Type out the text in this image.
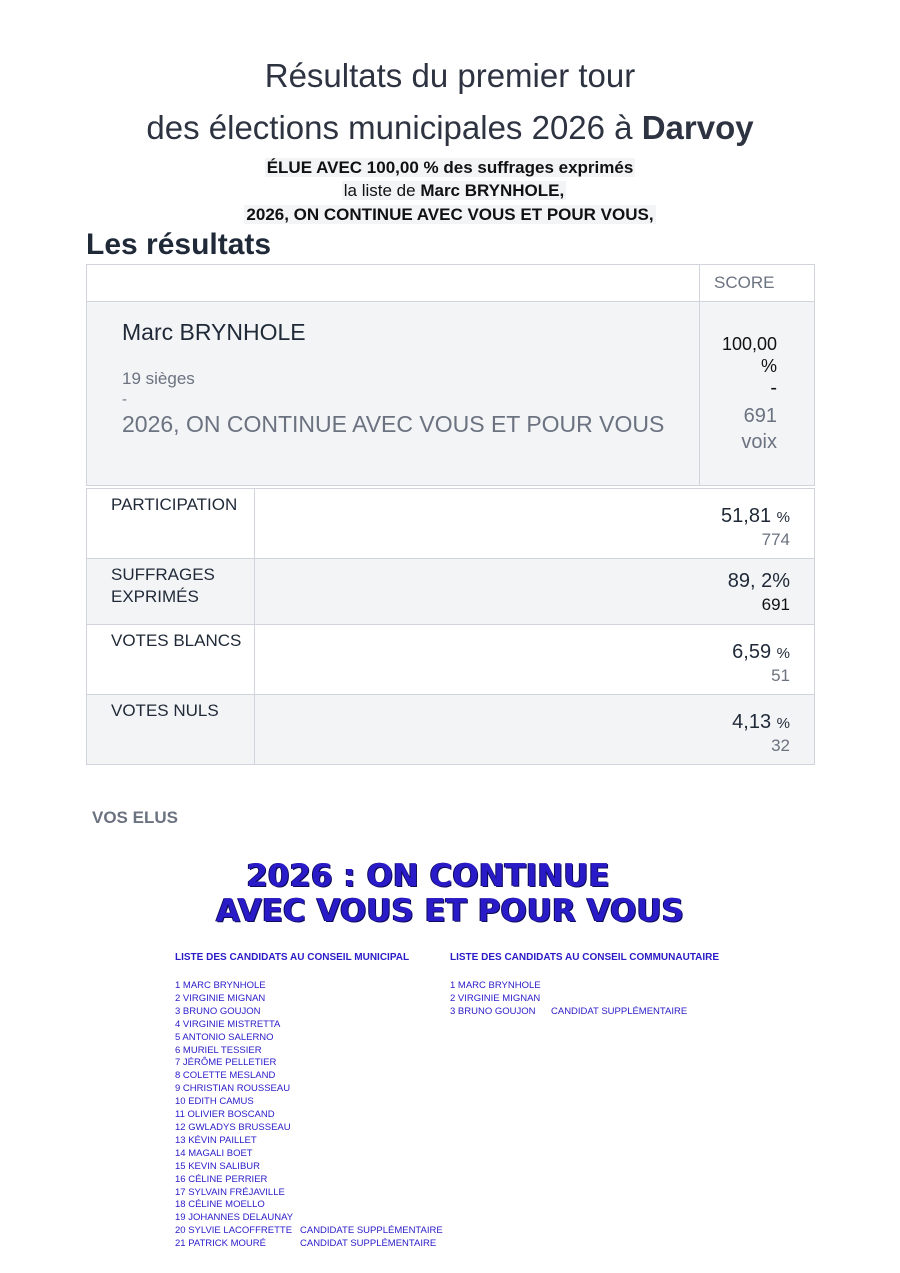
Résultats du premier tour
des élections municipales 2026 à Darvoy
ÉLUE AVEC 100,00 % des suffrages exprimés
la liste de Marc BRYNHOLE,
2026, ON CONTINUE AVEC VOUS ET POUR VOUS,
Les résultats
SCORE
Marc BRYNHOLE
19 sièges
-
2026, ON CONTINUE AVEC VOUS ET POUR VOUS
100,00
%
-
691
voix
PARTICIPATION
51,81 %
774
SUFFRAGES
EXPRIMÉS
89, 2%
691
VOTES BLANCS
6,59 %
51
VOTES NULS
4,13 %
32
VOS ELUS
2026 : ON CONTINUE
AVEC VOUS ET POUR VOUS
LISTE DES CANDIDATS AU CONSEIL MUNICIPAL	LISTE DES CANDIDATS AU CONSEIL COMMUNAUTAIRE
1 MARC BRYNHOLE
2 VIRGINIE MIGNAN
3 BRUNO GOUJON
4 VIRGINIE MISTRETTA
5 ANTONIO SALERNO
6 MURIEL TESSIER
7 JÉRÔME PELLETIER
8 COLETTE MESLAND
9 CHRISTIAN ROUSSEAU
10 EDITH CAMUS
11 OLIVIER BOSCAND
12 GWLADYS BRUSSEAU
13 KÉVIN PAILLET
14 MAGALI BOET
15 KEVIN SALIBUR
16 CÉLINE PERRIER
17 SYLVAIN FRÉJAVILLE
18 CÉLINE MOELLO
19 JOHANNES DELAUNAY
20 SYLVIE LACOFFRETTE
21 PATRICK MOURÉ
CANDIDATE SUPPLÉMENTAIRE
CANDIDAT SUPPLÉMENTAIRE
1 MARC BRYNHOLE
2 VIRGINIE MIGNAN
3 BRUNO GOUJON	CANDIDAT SUPPLÉMENTAIRE
